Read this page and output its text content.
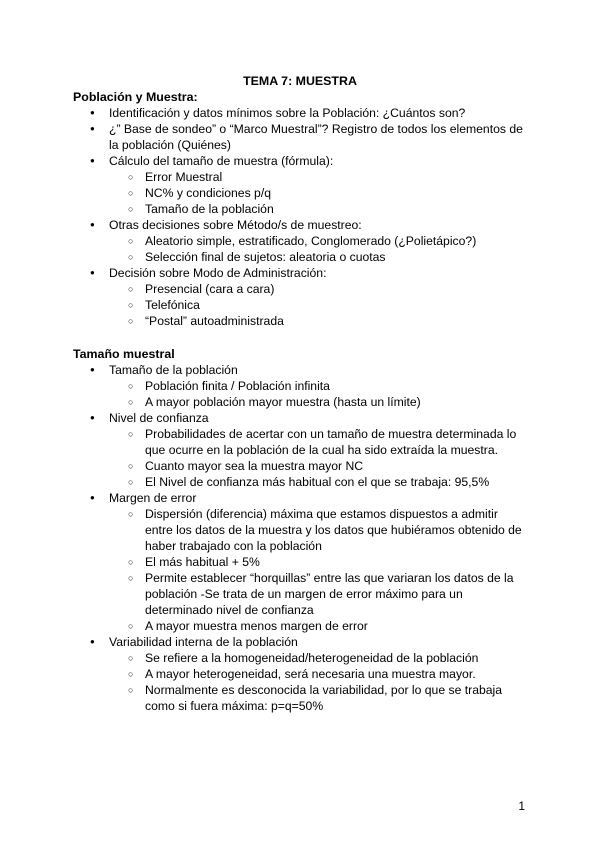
TEMA 7: MUESTRA
Población y Muestra:
● Identificación y datos mínimos sobre la Población: ¿Cuántos son?
● ¿” Base de sondeo” o “Marco Muestral”? Registro de todos los elementos de la población (Quiénes)
● Cálculo del tamaño de muestra (fórmula):
○ Error Muestral
○ NC% y condiciones p/q
○ Tamaño de la población
● Otras decisiones sobre Método/s de muestreo:
○ Aleatorio simple, estratificado, Conglomerado (¿Polietápico?)
○ Selección final de sujetos: aleatoria o cuotas
● Decisión sobre Modo de Administración:
○ Presencial (cara a cara)
○ Telefónica
○ “Postal” autoadministrada
Tamaño muestral
● Tamaño de la población
○ Población finita / Población infinita
○ A mayor población mayor muestra (hasta un límite)
● Nivel de confianza
○ Probabilidades de acertar con un tamaño de muestra determinada lo que ocurre en la población de la cual ha sido extraída la muestra.
○ Cuanto mayor sea la muestra mayor NC
○ El Nivel de confianza más habitual con el que se trabaja: 95,5%
● Margen de error
○ Dispersión (diferencia) máxima que estamos dispuestos a admitir entre los datos de la muestra y los datos que hubiéramos obtenido de haber trabajado con la población
○ El más habitual + 5%
○ Permite establecer “horquillas” entre las que variaran los datos de la población -Se trata de un margen de error máximo para un determinado nivel de confianza
○ A mayor muestra menos margen de error
● Variabilidad interna de la población
○ Se refiere a la homogeneidad/heterogeneidad de la población
○ A mayor heterogeneidad, será necesaria una muestra mayor.
○ Normalmente es desconocida la variabilidad, por lo que se trabaja como si fuera máxima: p=q=50%
1
